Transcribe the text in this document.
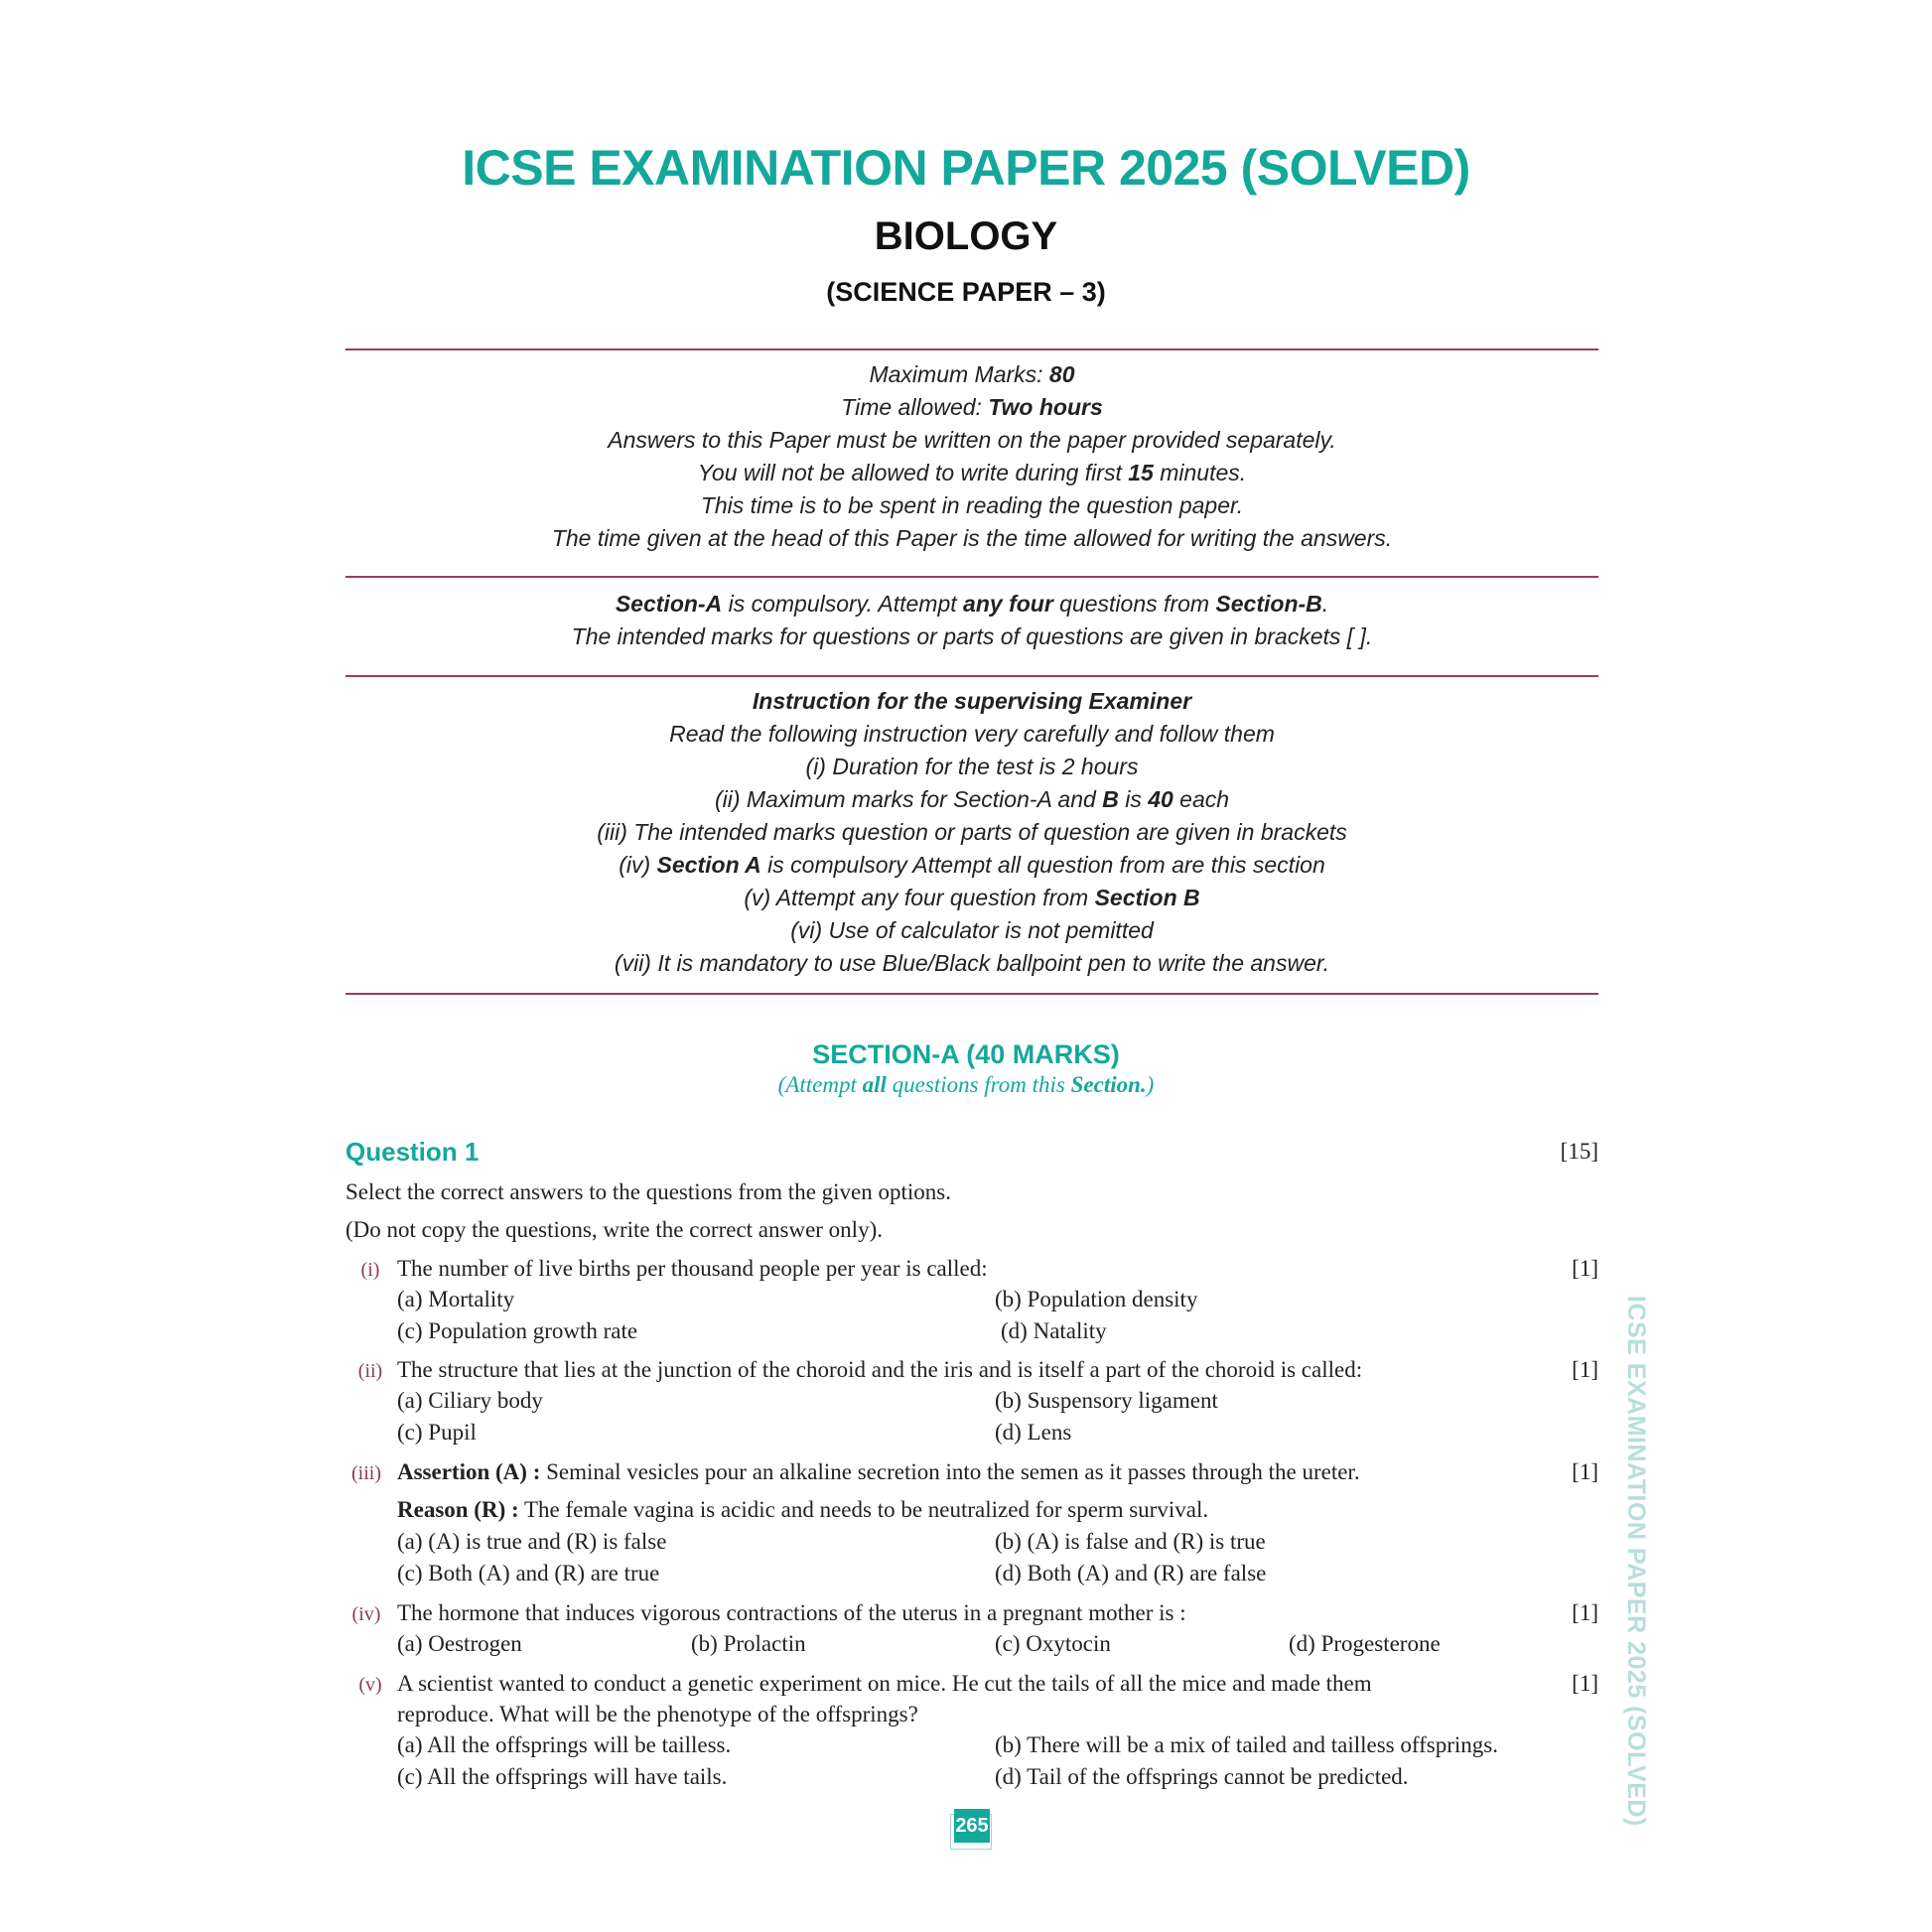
ICSE EXAMINATION PAPER 2025 (SOLVED)
BIOLOGY
(SCIENCE PAPER – 3)
Maximum Marks: 80
Time allowed: Two hours
Answers to this Paper must be written on the paper provided separately.
You will not be allowed to write during first 15 minutes.
This time is to be spent in reading the question paper.
The time given at the head of this Paper is the time allowed for writing the answers.
Section-A is compulsory. Attempt any four questions from Section-B.
The intended marks for questions or parts of questions are given in brackets [ ].
Instruction for the supervising Examiner
Read the following instruction very carefully and follow them
(i) Duration for the test is 2 hours
(ii) Maximum marks for Section-A and B is 40 each
(iii) The intended marks question or parts of question are given in brackets
(iv) Section A is compulsory Attempt all question from are this section
(v) Attempt any four question from Section B
(vi) Use of calculator is not pemitted
(vii) It is mandatory to use Blue/Black ballpoint pen to write the answer.
SECTION-A (40 MARKS)
(Attempt all questions from this Section.)
Question 1	[15]
Select the correct answers to the questions from the given options.
(Do not copy the questions, write the correct answer only).
(i) The number of live births per thousand people per year is called:	[1]
(a) Mortality	(b) Population density
(c) Population growth rate	(d) Natality
(ii) The structure that lies at the junction of the choroid and the iris and is itself a part of the choroid is called:	[1]
(a) Ciliary body	(b) Suspensory ligament
(c) Pupil	(d) Lens
(iii) Assertion (A) : Seminal vesicles pour an alkaline secretion into the semen as it passes through the ureter.	[1]
Reason (R) : The female vagina is acidic and needs to be neutralized for sperm survival.
(a) (A) is true and (R) is false	(b) (A) is false and (R) is true
(c) Both (A) and (R) are true	(d) Both (A) and (R) are false
(iv) The hormone that induces vigorous contractions of the uterus in a pregnant mother is :	[1]
(a) Oestrogen	(b) Prolactin	(c) Oxytocin	(d) Progesterone
(v) A scientist wanted to conduct a genetic experiment on mice. He cut the tails of all the mice and made them	[1]
reproduce. What will be the phenotype of the offsprings?
(a) All the offsprings will be tailless.	(b) There will be a mix of tailed and tailless offsprings.
(c) All the offsprings will have tails.	(d) Tail of the offsprings cannot be predicted.	ICSE EXAMINATION PAPER 2025 (SOLVED)
265
